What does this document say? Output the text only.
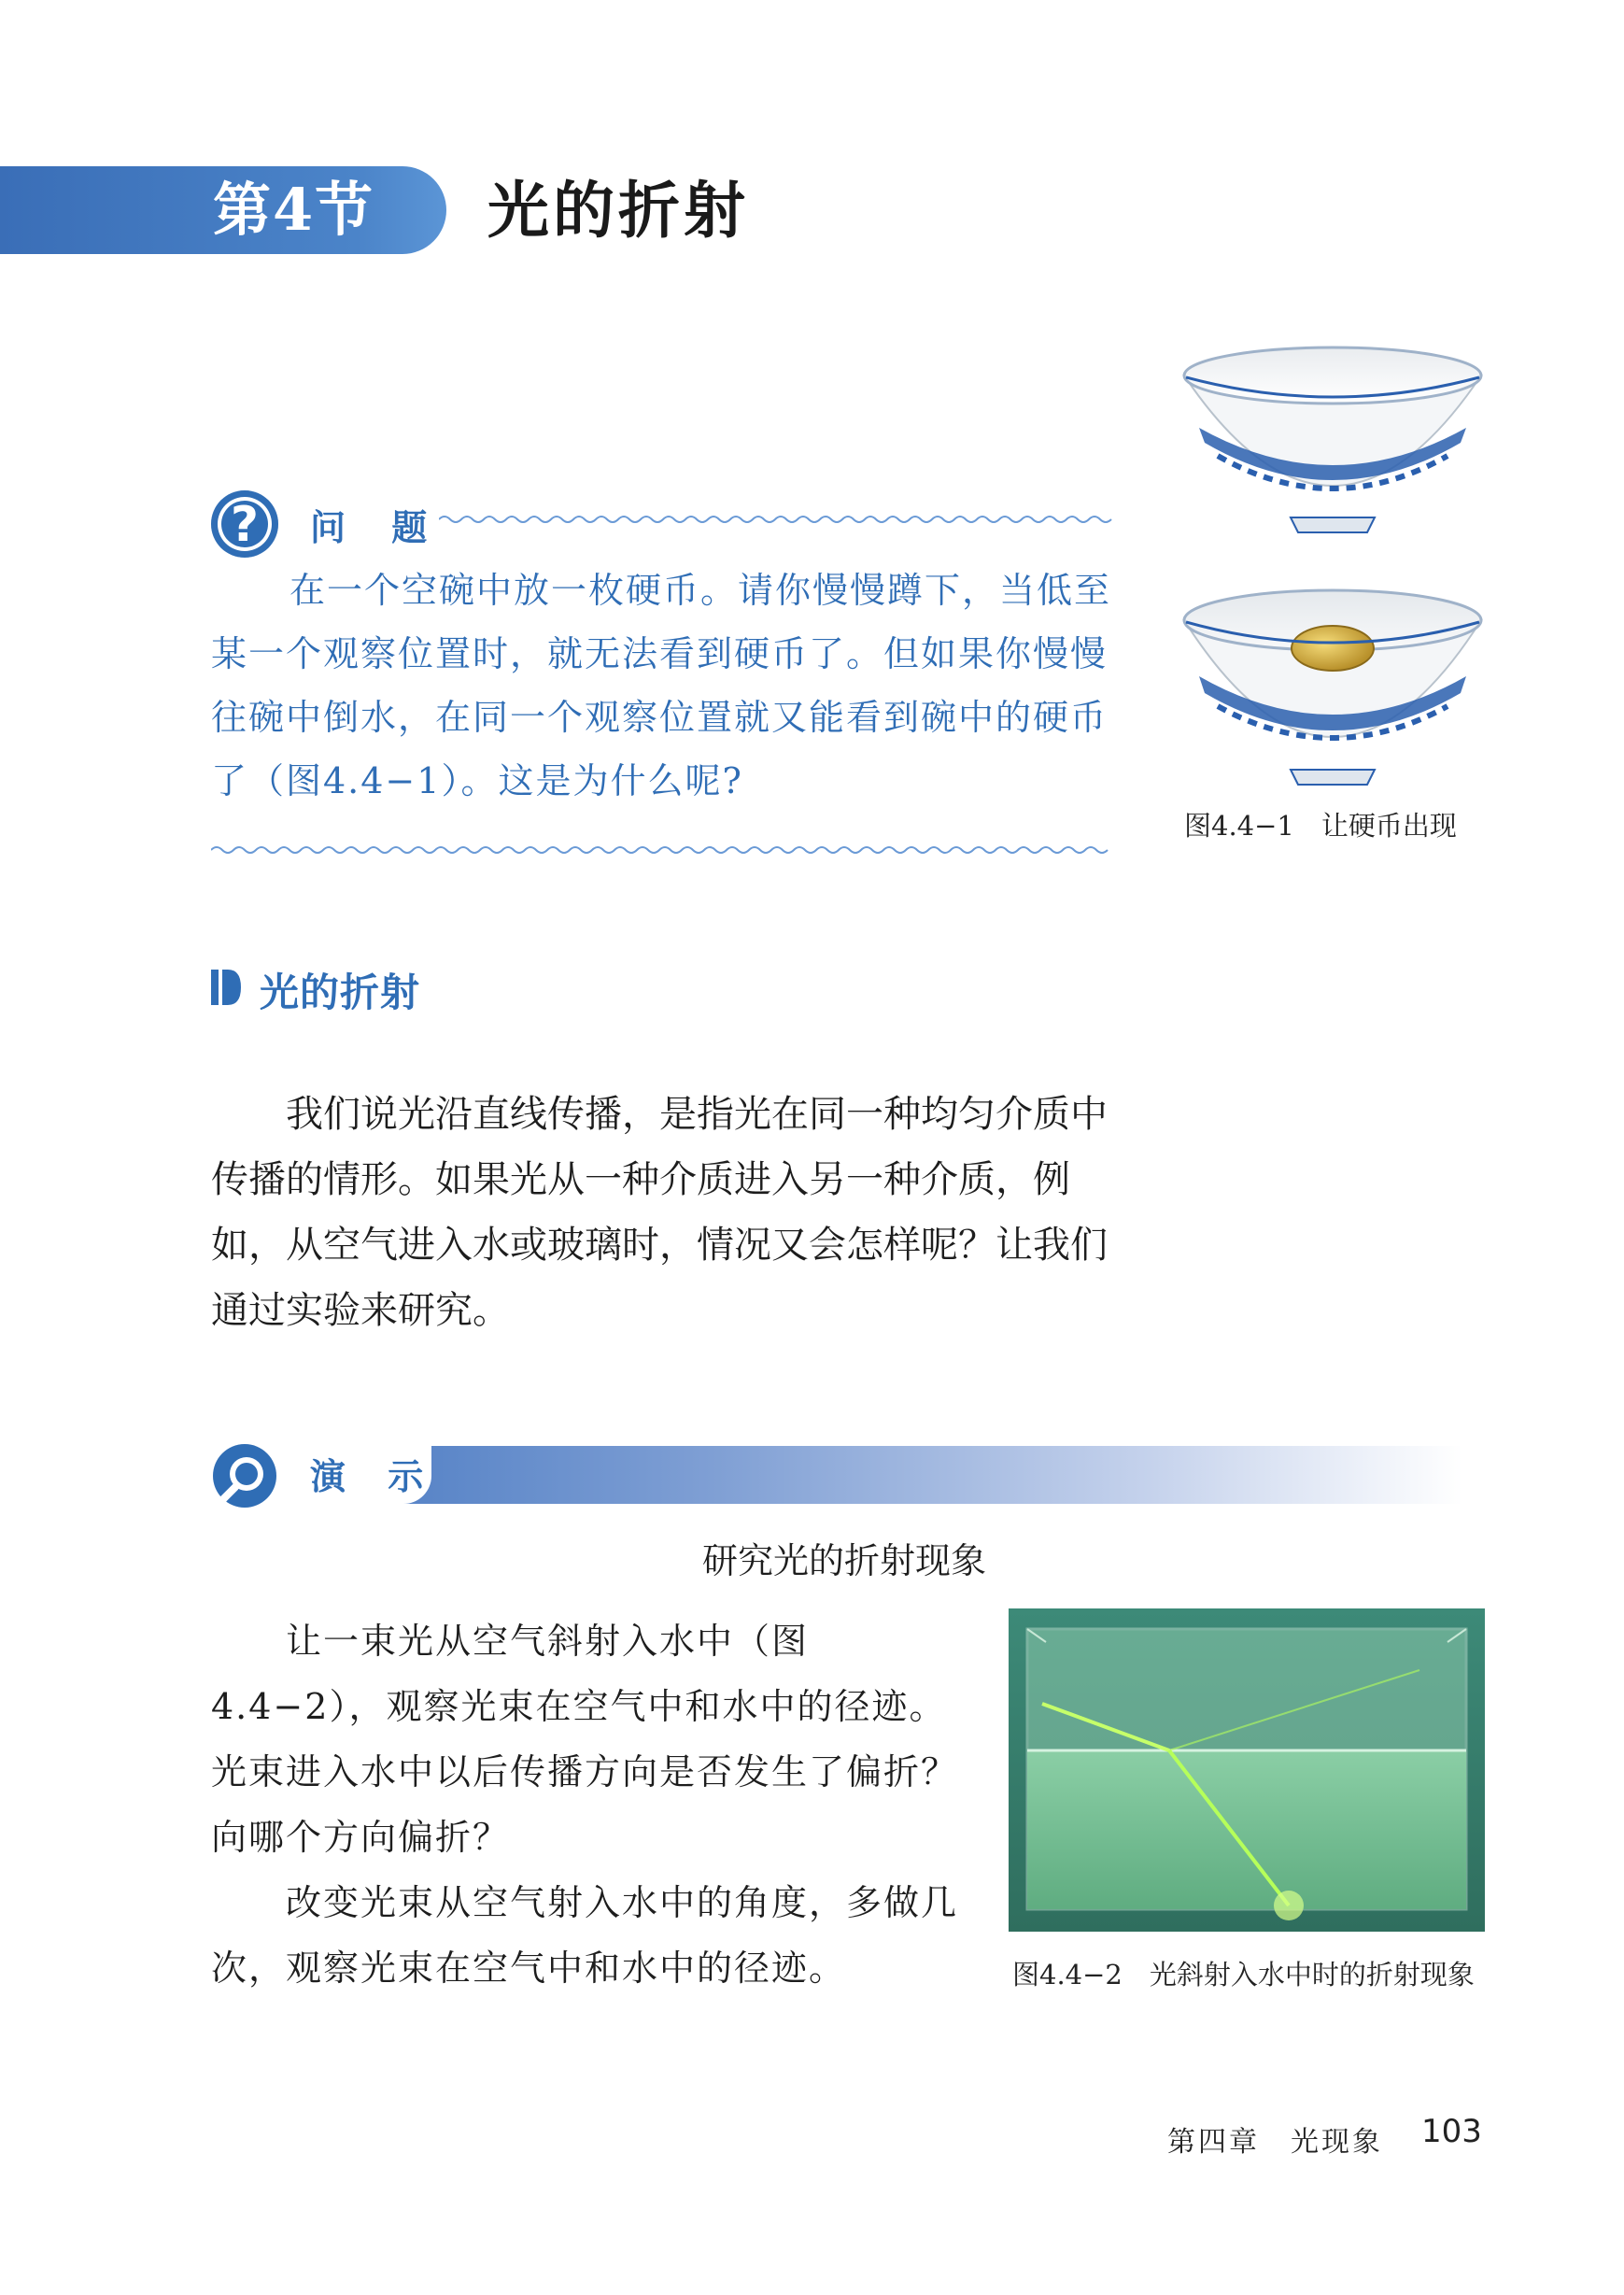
第4节 光的折射
?	问 题

在一个空碗中放一枚硬币。请你慢慢蹲下，当低至某一个观察位置时，就无法看到硬币了。但如果你慢慢往碗中倒水，在同一个观察位置就又能看到碗中的硬币了（图4.4−1）。这是为什么呢?

图4.4−1　让硬币出现
光的折射

我们说光沿直线传播，是指光在同一种均匀介质中传播的情形。如果光从一种介质进入另一种介质，例如，从空气进入水或玻璃时，情况又会怎样呢？让我们通过实验来研究。

演 示
研究光的折射现象

让一束光从空气斜射入水中（图4.4−2），观察光束在空气中和水中的径迹。光束进入水中以后传播方向是否发生了偏折？向哪个方向偏折？

改变光束从空气射入水中的角度，多做几次，观察光束在空气中和水中的径迹。	图4.4−2　光斜射入水中时的折射现象
第四章　光现象 103
